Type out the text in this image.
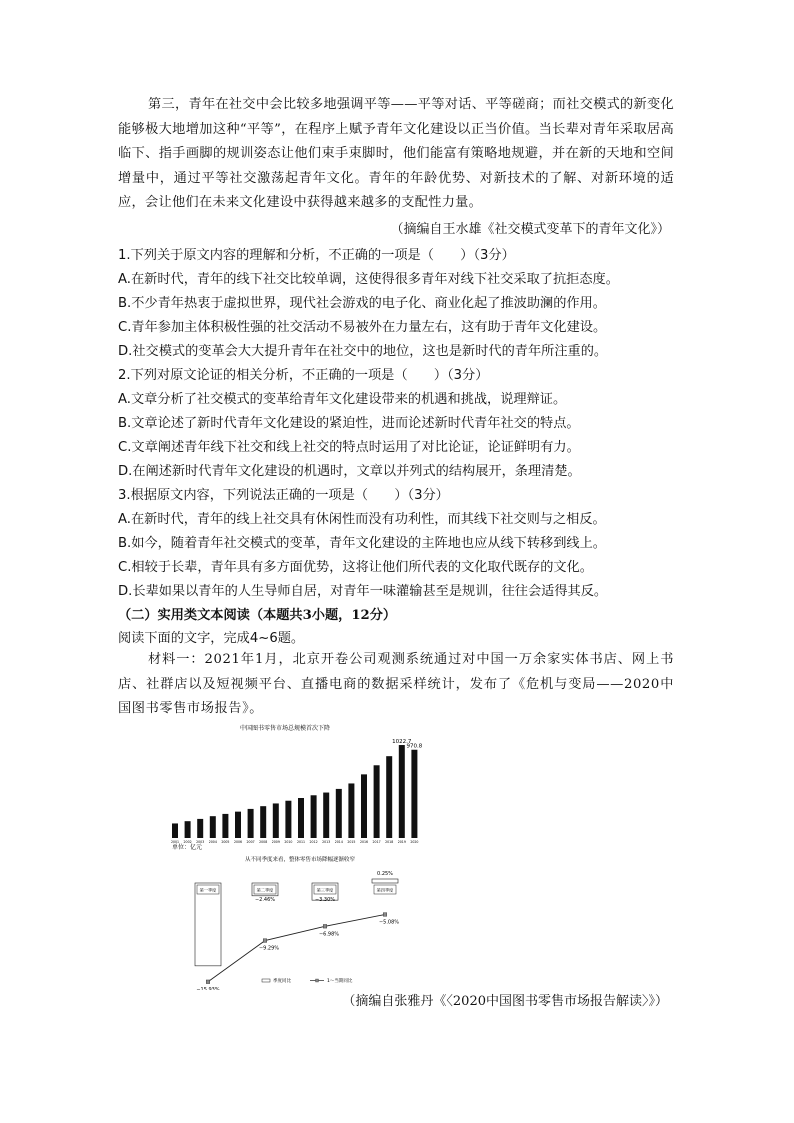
第三，青年在社交中会比较多地强调平等——平等对话、平等磋商；而社交模式的新变化能够极大地增加这种“平等”，在程序上赋予青年文化建设以正当价值。当长辈对青年采取居高临下、指手画脚的规训姿态让他们束手束脚时，他们能富有策略地规避，并在新的天地和空间增量中，通过平等社交激荡起青年文化。青年的年龄优势、对新技术的了解、对新环境的适应，会让他们在未来文化建设中获得越来越多的支配性力量。
（摘编自王水雄《社交模式变革下的青年文化》）
1.下列关于原文内容的理解和分析，不正确的一项是（　　）（3分）
A.在新时代，青年的线下社交比较单调，这使得很多青年对线下社交采取了抗拒态度。
B.不少青年热衷于虚拟世界，现代社会游戏的电子化、商业化起了推波助澜的作用。
C.青年参加主体积极性强的社交活动不易被外在力量左右，这有助于青年文化建设。
D.社交模式的变革会大大提升青年在社交中的地位，这也是新时代的青年所注重的。
2.下列对原文论证的相关分析，不正确的一项是（　　）（3分）
A.文章分析了社交模式的变革给青年文化建设带来的机遇和挑战，说理辩证。
B.文章论述了新时代青年文化建设的紧迫性，进而论述新时代青年社交的特点。
C.文章阐述青年线下社交和线上社交的特点时运用了对比论证，论证鲜明有力。
D.在阐述新时代青年文化建设的机遇时，文章以并列式的结构展开，条理清楚。
3.根据原文内容，下列说法正确的一项是（　　）（3分）
A.在新时代，青年的线上社交具有休闲性而没有功利性，而其线下社交则与之相反。
B.如今，随着青年社交模式的变革，青年文化建设的主阵地也应从线下转移到线上。
C.相较于长辈，青年具有多方面优势，这将让他们所代表的文化取代既存的文化。
D.长辈如果以青年的人生导师自居，对青年一味灌输甚至是规训，往往会适得其反。
（二）实用类文本阅读（本题共3小题，12分）
阅读下面的文字，完成4~6题。
材料一：2021年1月，北京开卷公司观测系统通过对中国一万余家实体书店、网上书店、社群店以及短视频平台、直播电商的数据采样统计，发布了《危机与变局——2020中国图书零售市场报告》。
中国图书零售市场总规模首次下降
2001 2002 2003 2004 2005 2006 2007 2008 2009 2010 2011 2012 2013 2014 2015 2016 2017 2018 2019 2020
1022.7
970.8
单位：亿元
从不同季度来看，整体零售市场降幅逐渐收窄
第一季度	第二季度
−2.46%
第三季度
−3.30%
第四季度
0.25%
−15.93%
−9.29%
−6.98%
−5.08%
季度同比	1～当期同比
（摘编自张雅丹《〈2020中国图书零售市场报告解读〉》）
